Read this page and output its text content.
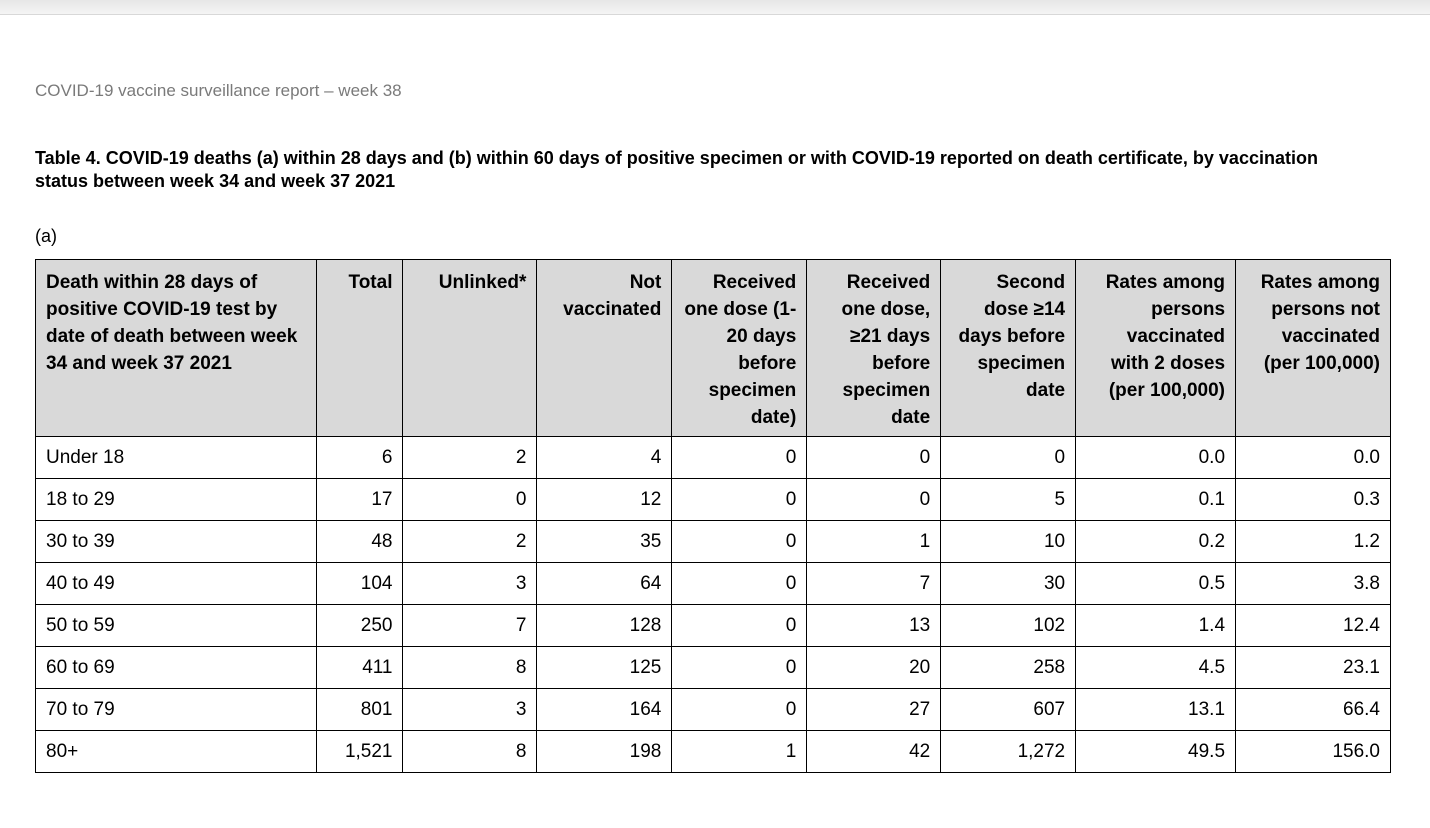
COVID-19 vaccine surveillance report – week 38

Table 4. COVID-19 deaths (a) within 28 days and (b) within 60 days of positive specimen or with COVID-19 reported on death certificate, by vaccination status between week 34 and week 37 2021

(a)

Death within 28 days of positive COVID-19 test by date of death between week 34 and week 37 2021	Total	Unlinked*	Not vaccinated	Received one dose (1-20 days before specimen date)	Received one dose, ≥21 days before specimen date	Second dose ≥14 days before specimen date	Rates among persons vaccinated with 2 doses (per 100,000)	Rates among persons not vaccinated (per 100,000)
Under 18	6	2	4	0	0	0	0.0	0.0
18 to 29	17	0	12	0	0	5	0.1	0.3
30 to 39	48	2	35	0	1	10	0.2	1.2
40 to 49	104	3	64	0	7	30	0.5	3.8
50 to 59	250	7	128	0	13	102	1.4	12.4
60 to 69	411	8	125	0	20	258	4.5	23.1
70 to 79	801	3	164	0	27	607	13.1	66.4
80+	1,521	8	198	1	42	1,272	49.5	156.0
